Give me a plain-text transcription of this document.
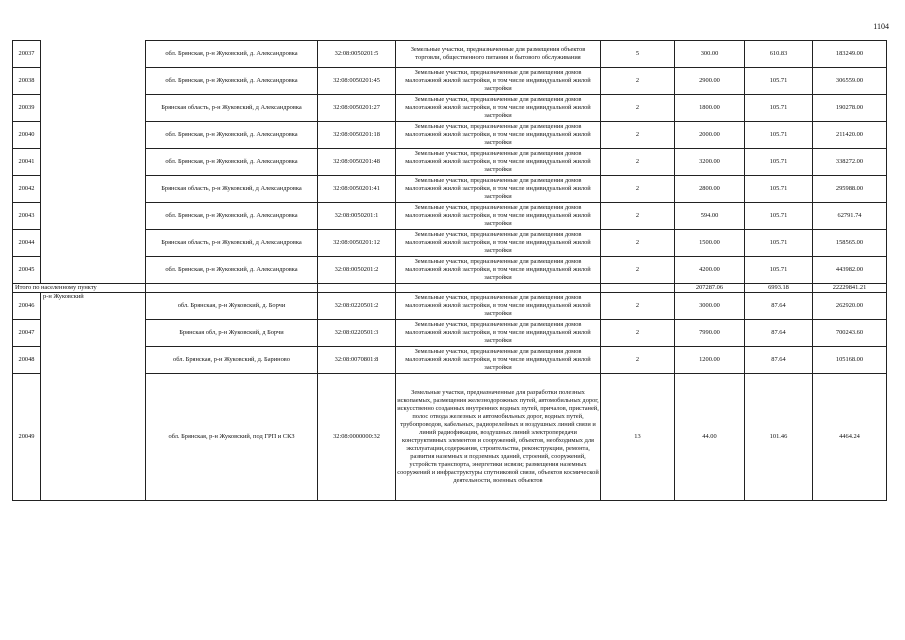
1104
20037		обл. Брянская, р-н Жуковский, д. Александровка	32:08:0050201:5	Земельные участки, предназначенные для размещения объектов торговли, общественного питания и бытового обслуживания	5	300.00	610.83	183249.00
20038		обл. Брянская, р-н Жуковский, д. Александровка	32:08:0050201:45	Земельные участки, предназначенные для размещения домов малоэтажной жилой застройки, в том числе индивидуальной жилой застройки	2	2900.00	105.71	306559.00
20039		Брянская область, р-н Жуковский, д Александровка	32:08:0050201:27	Земельные участки, предназначенные для размещения домов малоэтажной жилой застройки, в том числе индивидуальной жилой застройки	2	1800.00	105.71	190278.00
20040		обл. Брянская, р-н Жуковский, д. Александровка	32:08:0050201:18	Земельные участки, предназначенные для размещения домов малоэтажной жилой застройки, в том числе индивидуальной жилой застройки	2	2000.00	105.71	211420.00
20041		обл. Брянская, р-н Жуковский, д. Александровка	32:08:0050201:48	Земельные участки, предназначенные для размещения домов малоэтажной жилой застройки, в том числе индивидуальной жилой застройки	2	3200.00	105.71	338272.00
20042		Брянская область, р-н Жуковский, д Александровка	32:08:0050201:41	Земельные участки, предназначенные для размещения домов малоэтажной жилой застройки, в том числе индивидуальной жилой застройки	2	2800.00	105.71	295988.00
20043		обл. Брянская, р-н Жуковский, д. Александровка	32:08:0050201:1	Земельные участки, предназначенные для размещения домов малоэтажной жилой застройки, в том числе индивидуальной жилой застройки	2	594.00	105.71	62791.74
20044		Брянская область, р-н Жуковский, д Александровка	32:08:0050201:12	Земельные участки, предназначенные для размещения домов малоэтажной жилой застройки, в том числе индивидуальной жилой застройки	2	1500.00	105.71	158565.00
20045		обл. Брянская, р-н Жуковский, д. Александровка	32:08:0050201:2	Земельные участки, предназначенные для размещения домов малоэтажной жилой застройки, в том числе индивидуальной жилой застройки	2	4200.00	105.71	443982.00
Итого по населенному пункту						207287.06	6993.18	22229841.21
20046	р-н Жуковский	обл. Брянская, р-н Жуковский, д. Борчи	32:08:0220501:2	Земельные участки, предназначенные для размещения домов малоэтажной жилой застройки, в том числе индивидуальной жилой застройки	2	3000.00	87.64	262920.00
20047		Брянская обл, р-н Жуковский, д Борчи	32:08:0220501:3	Земельные участки, предназначенные для размещения домов малоэтажной жилой застройки, в том числе индивидуальной жилой застройки	2	7990.00	87.64	700243.60
20048		обл. Брянская, р-н Жуковский, д. Бариново	32:08:0070801:8	Земельные участки, предназначенные для размещения домов малоэтажной жилой застройки, в том числе индивидуальной жилой застройки	2	1200.00	87.64	105168.00
20049		обл. Брянская, р-н Жуковский, под ГРП и СКЗ	32:08:0000000:32	Земельные участки, предназначенные для разработки полезных ископаемых, размещения железнодорожных путей, автомобильных дорог, искусственно созданных внутренних водных путей, причалов, пристаней, полос отвода железных и автомобильных дорог, водных путей, трубопроводов, кабельных, радиорелейных и воздушных линий связи и линий радиофикации, воздушных линий электропередачи конструктивных элементов и сооружений, объектов, необходимых для эксплуатации,содержания, строительства, реконструкции, ремонта, развития наземных и подземных зданий, строений, сооружений, устройств транспорта, энергетики исвязи; размещения наземных сооружений и инфраструктуры спутниковой связи, объектов космической деятельности, военных объектов	13	44.00	101.46	4464.24
